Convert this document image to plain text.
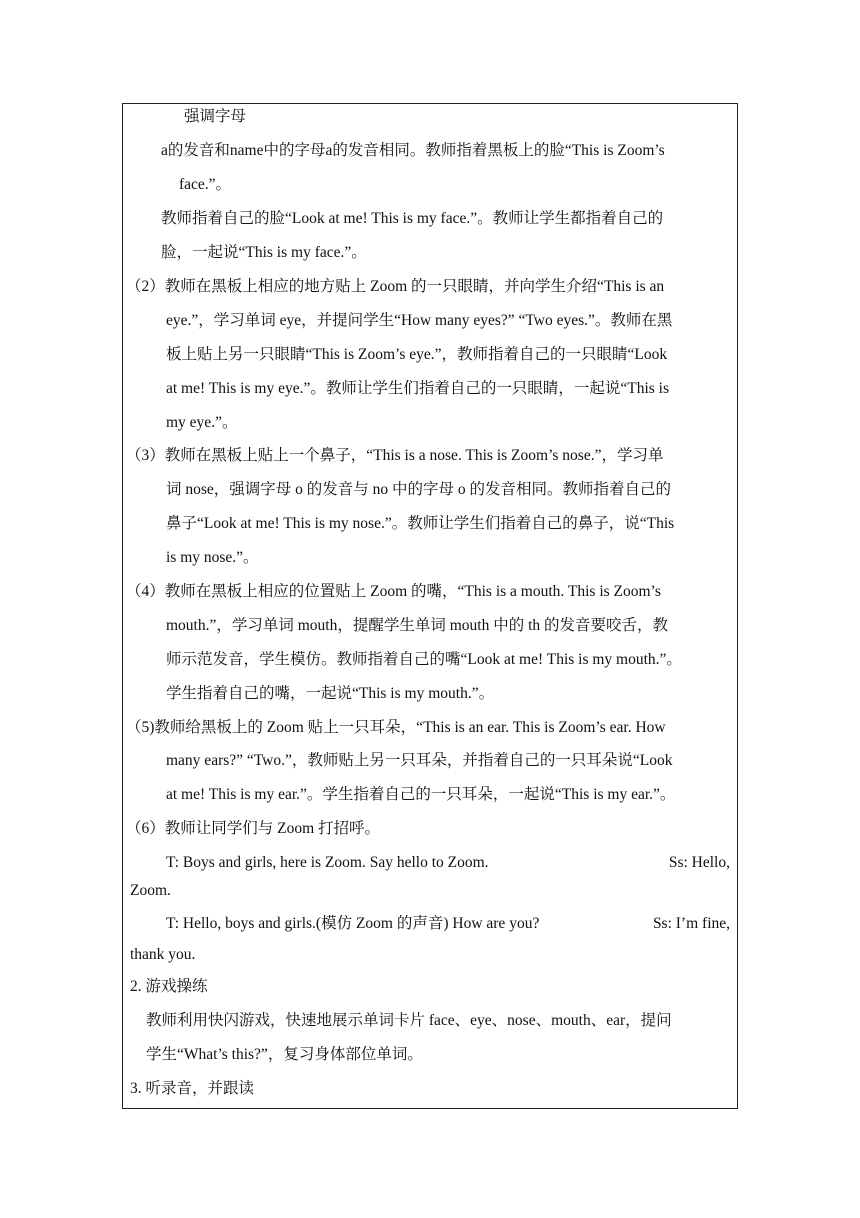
强调字母
a的发音和name中的字母a的发音相同。教师指着黑板上的脸“This is Zoom’s
face.”。
教师指着自己的脸“Look at me! This is my face.”。教师让学生都指着自己的
脸，一起说“This is my face.”。
（2）教师在黑板上相应的地方贴上 Zoom 的一只眼睛，并向学生介绍“This is an
eye.”，学习单词 eye，并提问学生“How many eyes?” “Two eyes.”。教师在黑
板上贴上另一只眼睛“This is Zoom’s eye.”，教师指着自己的一只眼睛“Look
at me! This is my eye.”。教师让学生们指着自己的一只眼睛，一起说“This is
my eye.”。
（3）教师在黑板上贴上一个鼻子，“This is a nose. This is Zoom’s nose.”，学习单
词 nose，强调字母 o 的发音与 no 中的字母 o 的发音相同。教师指着自己的
鼻子“Look at me! This is my nose.”。教师让学生们指着自己的鼻子，说“This
is my nose.”。
（4）教师在黑板上相应的位置贴上 Zoom 的嘴，“This is a mouth. This is Zoom’s
mouth.”，学习单词 mouth，提醒学生单词 mouth 中的 th 的发音要咬舌，教
师示范发音，学生模仿。教师指着自己的嘴“Look at me! This is my mouth.”。
学生指着自己的嘴，一起说“This is my mouth.”。
（5)教师给黑板上的 Zoom 贴上一只耳朵，“This is an ear. This is Zoom’s ear. How
many ears?” “Two.”，教师贴上另一只耳朵，并指着自己的一只耳朵说“Look
at me! This is my ear.”。学生指着自己的一只耳朵，一起说“This is my ear.”。
（6）教师让同学们与 Zoom 打招呼。
T: Boys and girls, here is Zoom. Say hello to Zoom.	Ss: Hello,
Zoom.
T: Hello, boys and girls.(模仿 Zoom 的声音) How are you?	Ss: I’m fine,
thank you.
2. 游戏操练
教师利用快闪游戏，快速地展示单词卡片 face、eye、nose、mouth、ear，提问
学生“What’s this?”，复习身体部位单词。
3. 听录音，并跟读
